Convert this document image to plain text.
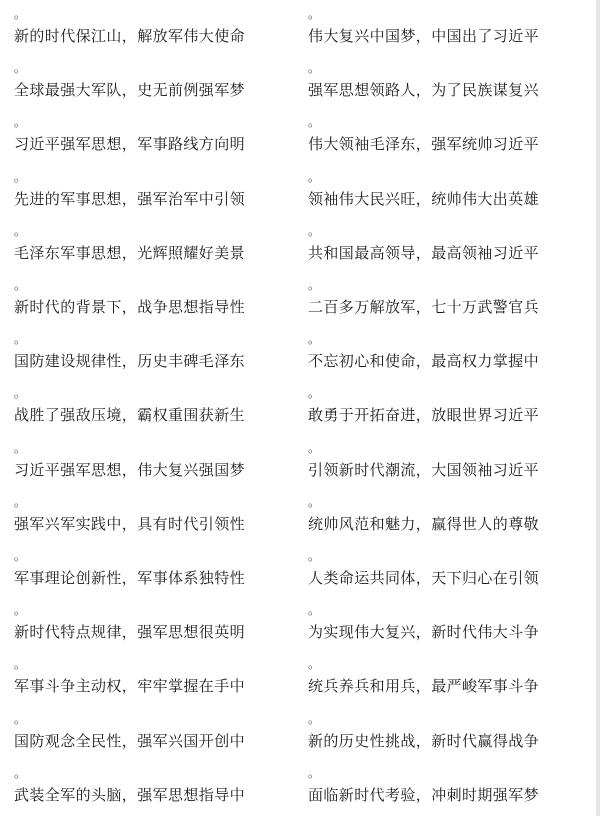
。
新的时代保江山，解放军伟大使命
。
全球最强大军队，史无前例强军梦
。
习近平强军思想，军事路线方向明
。
先进的军事思想，强军治军中引领
。
毛泽东军事思想，光辉照耀好美景
。
新时代的背景下，战争思想指导性
。
国防建设规律性，历史丰碑毛泽东
。
战胜了强敌压境，霸权重围获新生
。
习近平强军思想，伟大复兴强国梦
。
强军兴军实践中，具有时代引领性
。
军事理论创新性，军事体系独特性
。
新时代特点规律，强军思想很英明
。
军事斗争主动权，牢牢掌握在手中
。
国防观念全民性，强军兴国开创中
。
武装全军的头脑，强军思想指导中
。
伟大复兴中国梦，中国出了习近平
。
强军思想领路人，为了民族谋复兴
。
伟大领袖毛泽东，强军统帅习近平
。
领袖伟大民兴旺，统帅伟大出英雄
。
共和国最高领导，最高领袖习近平
。
二百多万解放军，七十万武警官兵
。
不忘初心和使命，最高权力掌握中
。
敢勇于开拓奋进，放眼世界习近平
。
引领新时代潮流，大国领袖习近平
。
统帅风范和魅力，赢得世人的尊敬
。
人类命运共同体，天下归心在引领
。
为实现伟大复兴，新时代伟大斗争
。
统兵养兵和用兵，最严峻军事斗争
。
新的历史性挑战，新时代赢得战争
。
面临新时代考验，冲刺时期强军梦
